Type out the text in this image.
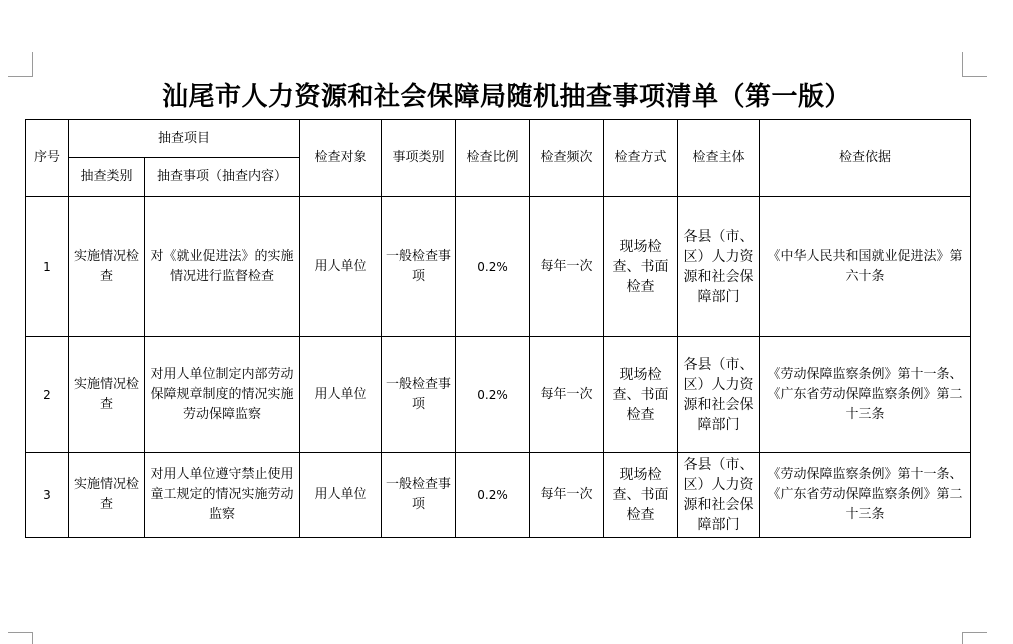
汕尾市人力资源和社会保障局随机抽查事项清单（第一版）
序号	抽查项目		检查对象	事项类别	检查比例	检查频次	检查方式	检查主体	检查依据
	抽查类别	抽查事项（抽查内容）							
1	实施情况检查	对《就业促进法》的实施情况进行监督检查	用人单位	一般检查事项	0.2%	每年一次	现场检查、书面检查	各县（市、区）人力资源和社会保障部门	《中华人民共和国就业促进法》第六十条
2	实施情况检查	对用人单位制定内部劳动保障规章制度的情况实施劳动保障监察	用人单位	一般检查事项	0.2%	每年一次	现场检查、书面检查	各县（市、区）人力资源和社会保障部门	《劳动保障监察条例》第十一条、《广东省劳动保障监察条例》第二十三条
3	实施情况检查	对用人单位遵守禁止使用童工规定的情况实施劳动监察	用人单位	一般检查事项	0.2%	每年一次	现场检查、书面检查	各县（市、区）人力资源和社会保障部门	《劳动保障监察条例》第十一条、《广东省劳动保障监察条例》第二十三条
